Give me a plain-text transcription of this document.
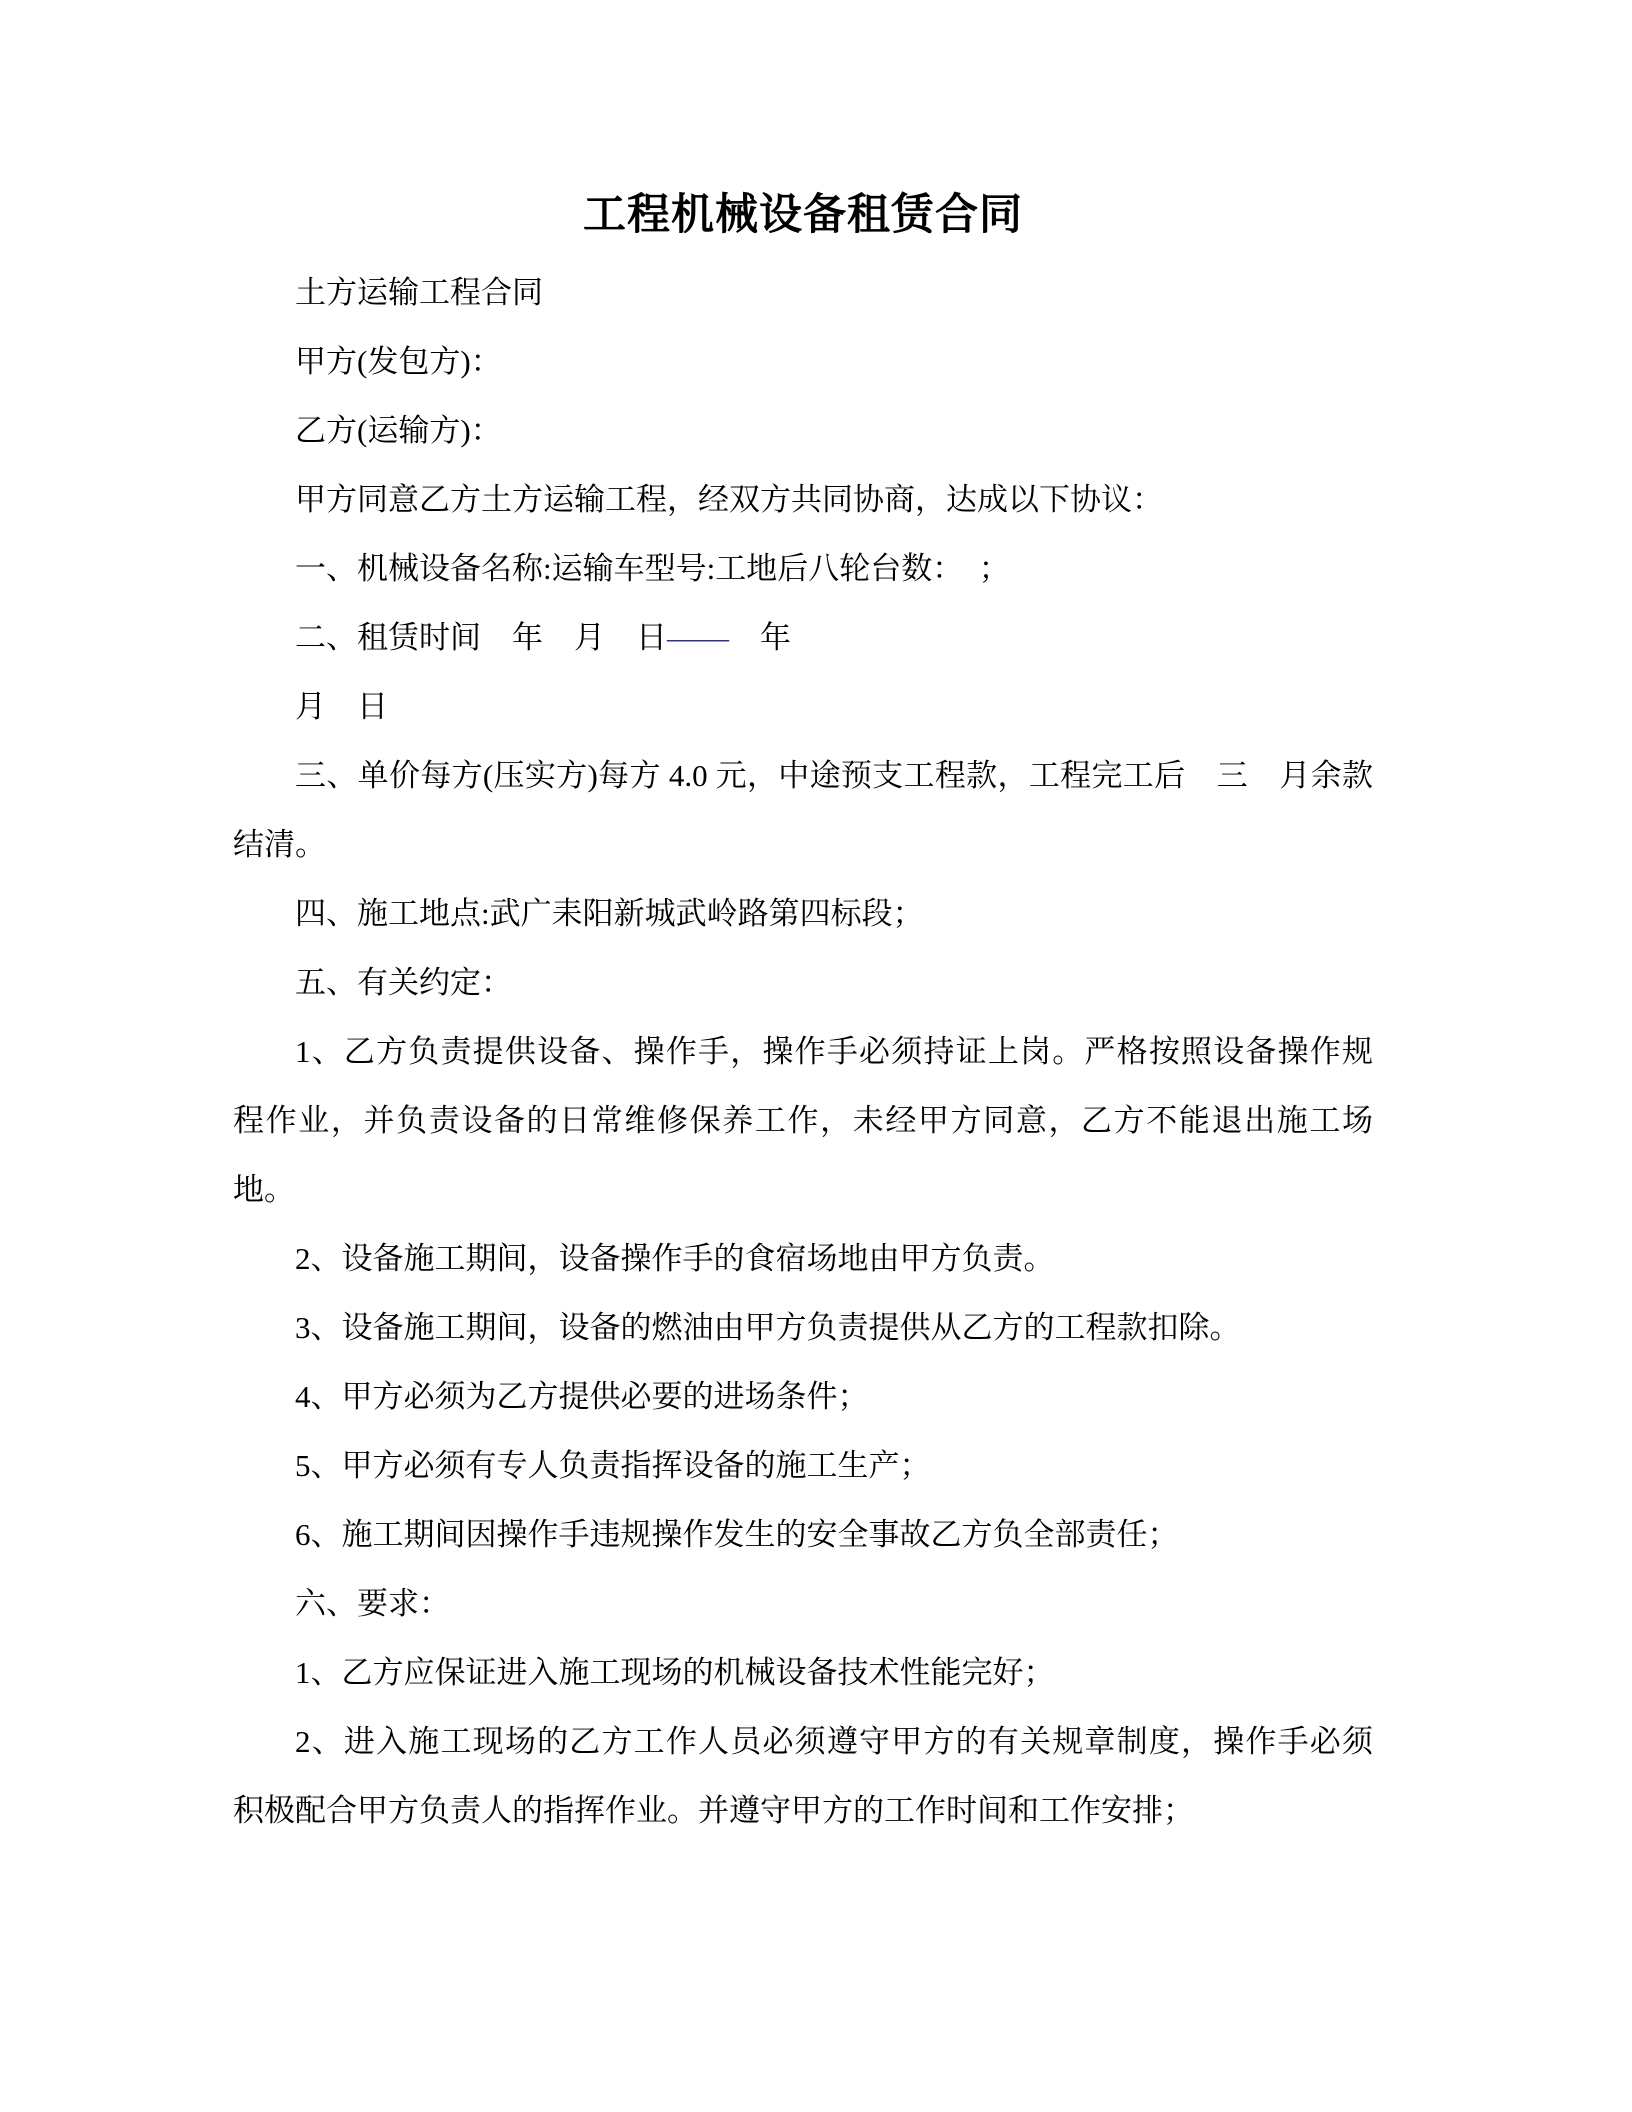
工程机械设备租赁合同

土方运输工程合同

甲方(发包方)：

乙方(运输方)：

甲方同意乙方土方运输工程，经双方共同协商，达成以下协议：

一、机械设备名称:运输车型号:工地后八轮台数：　；

二、租赁时间　年　月　日——　年

月　日

三、单价每方(压实方)每方 4.0 元，中途预支工程款，工程完工后　三　月余款

结清。

四、施工地点:武广耒阳新城武岭路第四标段；

五、有关约定：

1、乙方负责提供设备、操作手，操作手必须持证上岗。严格按照设备操作规

程作业，并负责设备的日常维修保养工作，未经甲方同意，乙方不能退出施工场

地。

2、设备施工期间，设备操作手的食宿场地由甲方负责。

3、设备施工期间，设备的燃油由甲方负责提供从乙方的工程款扣除。

4、甲方必须为乙方提供必要的进场条件；

5、甲方必须有专人负责指挥设备的施工生产；

6、施工期间因操作手违规操作发生的安全事故乙方负全部责任；

六、要求：

1、乙方应保证进入施工现场的机械设备技术性能完好；

2、进入施工现场的乙方工作人员必须遵守甲方的有关规章制度，操作手必须

积极配合甲方负责人的指挥作业。并遵守甲方的工作时间和工作安排；
